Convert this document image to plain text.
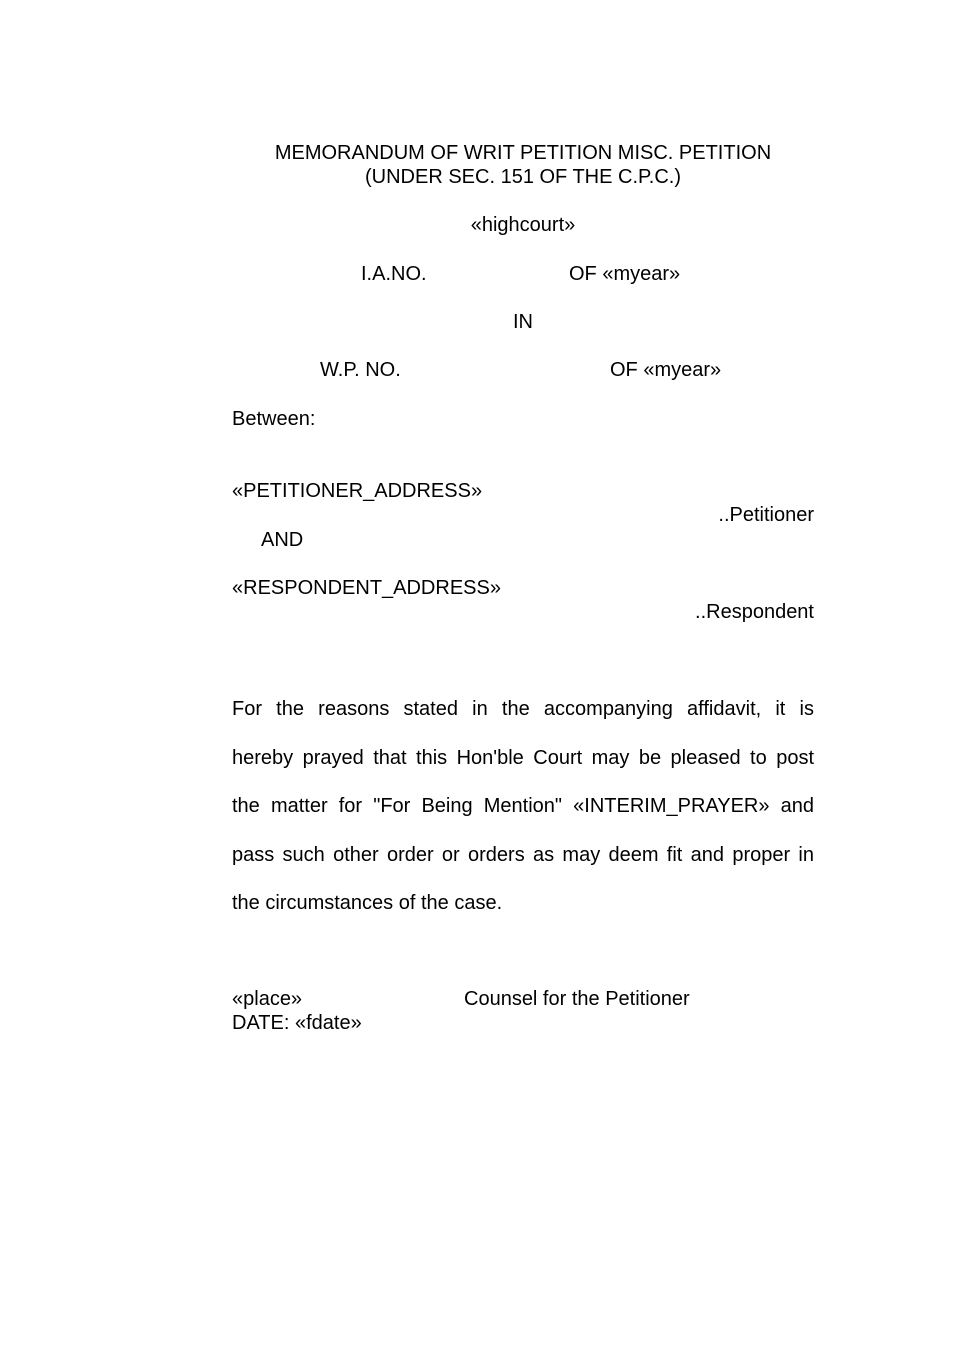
MEMORANDUM OF WRIT PETITION MISC. PETITION
(UNDER SEC. 151 OF THE C.P.C.)
«highcourt»
I.A.NO.	OF «myear»
IN
W.P. NO.	OF «myear»
Between:
«PETITIONER_ADDRESS»
..Petitioner
AND
«RESPONDENT_ADDRESS»
..Respondent
For the reasons stated in the accompanying affidavit, it is
hereby prayed that this Hon'ble Court may be pleased to post
the matter for "For Being Mention" «INTERIM_PRAYER» and
pass such other order or orders as may deem fit and proper in
the circumstances of the case.
«place»	Counsel for the Petitioner
DATE: «fdate»
